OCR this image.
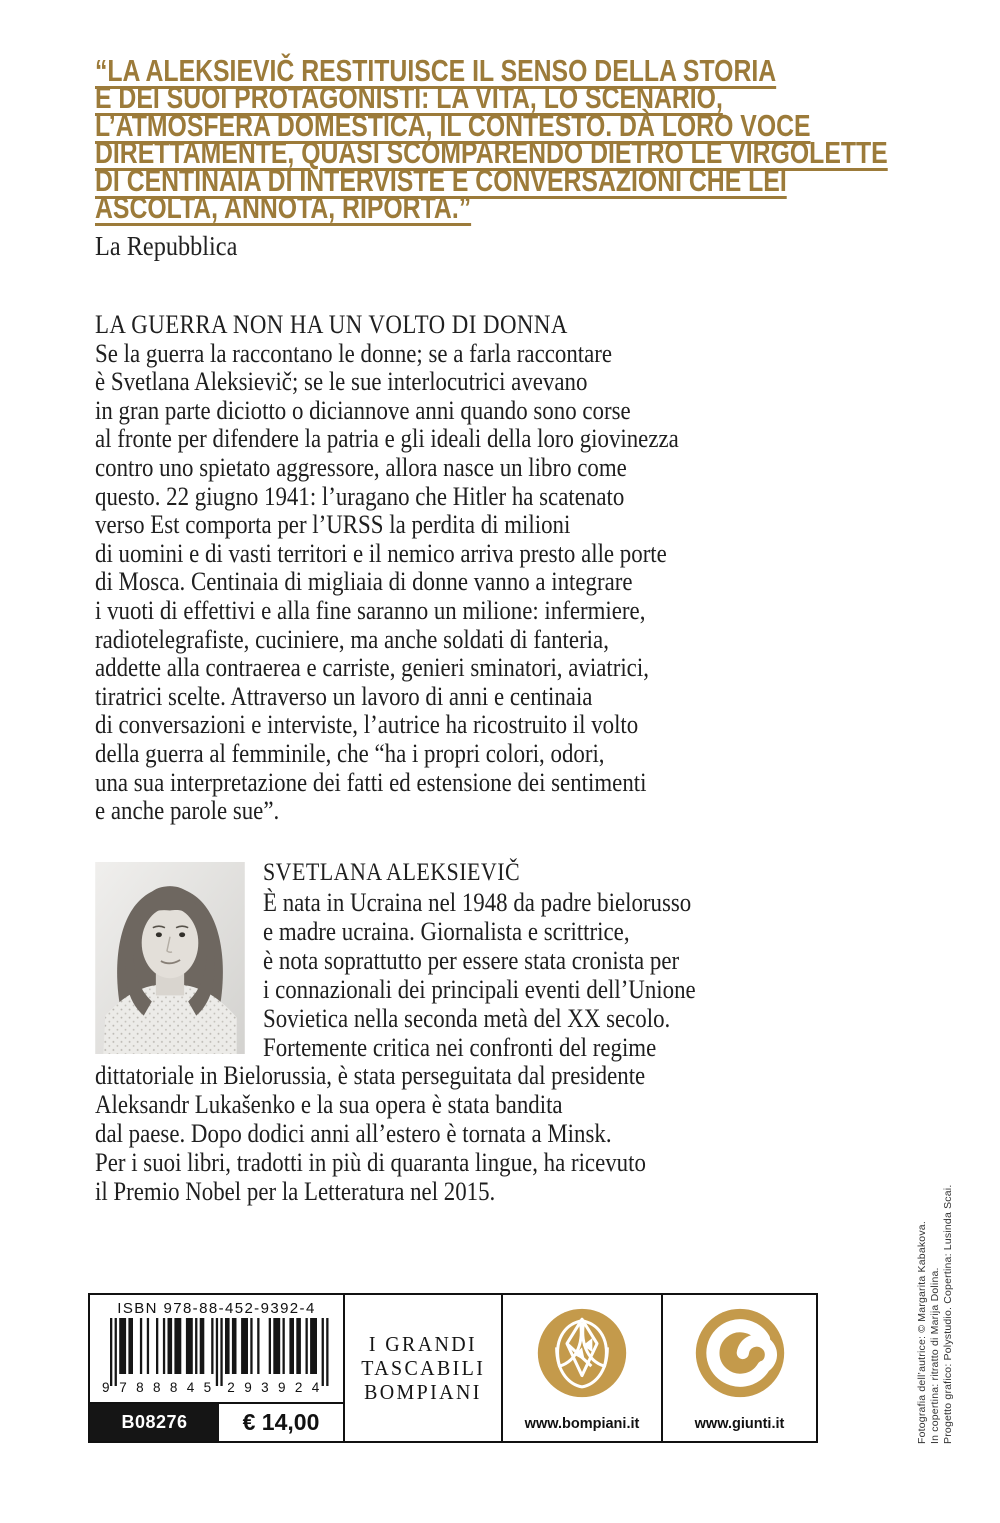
“LA ALEKSIEVIČ RESTITUISCE IL SENSO DELLA STORIA
E DEI SUOI PROTAGONISTI: LA VITA, LO SCENARIO,
L’ATMOSFERA DOMESTICA, IL CONTESTO. DÀ LORO VOCE
DIRETTAMENTE, QUASI SCOMPARENDO DIETRO LE VIRGOLETTE
DI CENTINAIA DI INTERVISTE E CONVERSAZIONI CHE LEI
ASCOLTA, ANNOTA, RIPORTA.”
La Repubblica
LA GUERRA NON HA UN VOLTO DI DONNA
Se la guerra la raccontano le donne; se a farla raccontare
è Svetlana Aleksievič; se le sue interlocutrici avevano
in gran parte diciotto o diciannove anni quando sono corse
al fronte per difendere la patria e gli ideali della loro giovinezza
contro uno spietato aggressore, allora nasce un libro come
questo. 22 giugno 1941: l’uragano che Hitler ha scatenato
verso Est comporta per l’URSS la perdita di milioni
di uomini e di vasti territori e il nemico arriva presto alle porte
di Mosca. Centinaia di migliaia di donne vanno a integrare
i vuoti di effettivi e alla fine saranno un milione: infermiere,
radiotelegrafiste, cuciniere, ma anche soldati di fanteria,
addette alla contraerea e carriste, genieri sminatori, aviatrici,
tiratrici scelte. Attraverso un lavoro di anni e centinaia
di conversazioni e interviste, l’autrice ha ricostruito il volto
della guerra al femminile, che “ha i propri colori, odori,
una sua interpretazione dei fatti ed estensione dei sentimenti
e anche parole sue”.
SVETLANA ALEKSIEVIČ
È nata in Ucraina nel 1948 da padre bielorusso
e madre ucraina. Giornalista e scrittrice,
è nota soprattutto per essere stata cronista per
i connazionali dei principali eventi dell’Unione
Sovietica nella seconda metà del XX secolo.
Fortemente critica nei confronti del regime
dittatoriale in Bielorussia, è stata perseguitata dal presidente
Aleksandr Lukašenko e la sua opera è stata bandita
dal paese. Dopo dodici anni all’estero è tornata a Minsk.
Per i suoi libri, tradotti in più di quaranta lingue, ha ricevuto
il Premio Nobel per la Letteratura nel 2015.
ISBN 978-88-452-9392-4
9 788845 293924
B08276	€ 14,00
I GRANDI
TASCABILI
BOMPIANI
www.bompiani.it	www.giunti.it	Fotografia dell’autrice: © Margarita Kabakova. In copertina: ritratto di Marija Dolina. Progetto grafico: Polystudio. Copertina: Lusinda Scai.
